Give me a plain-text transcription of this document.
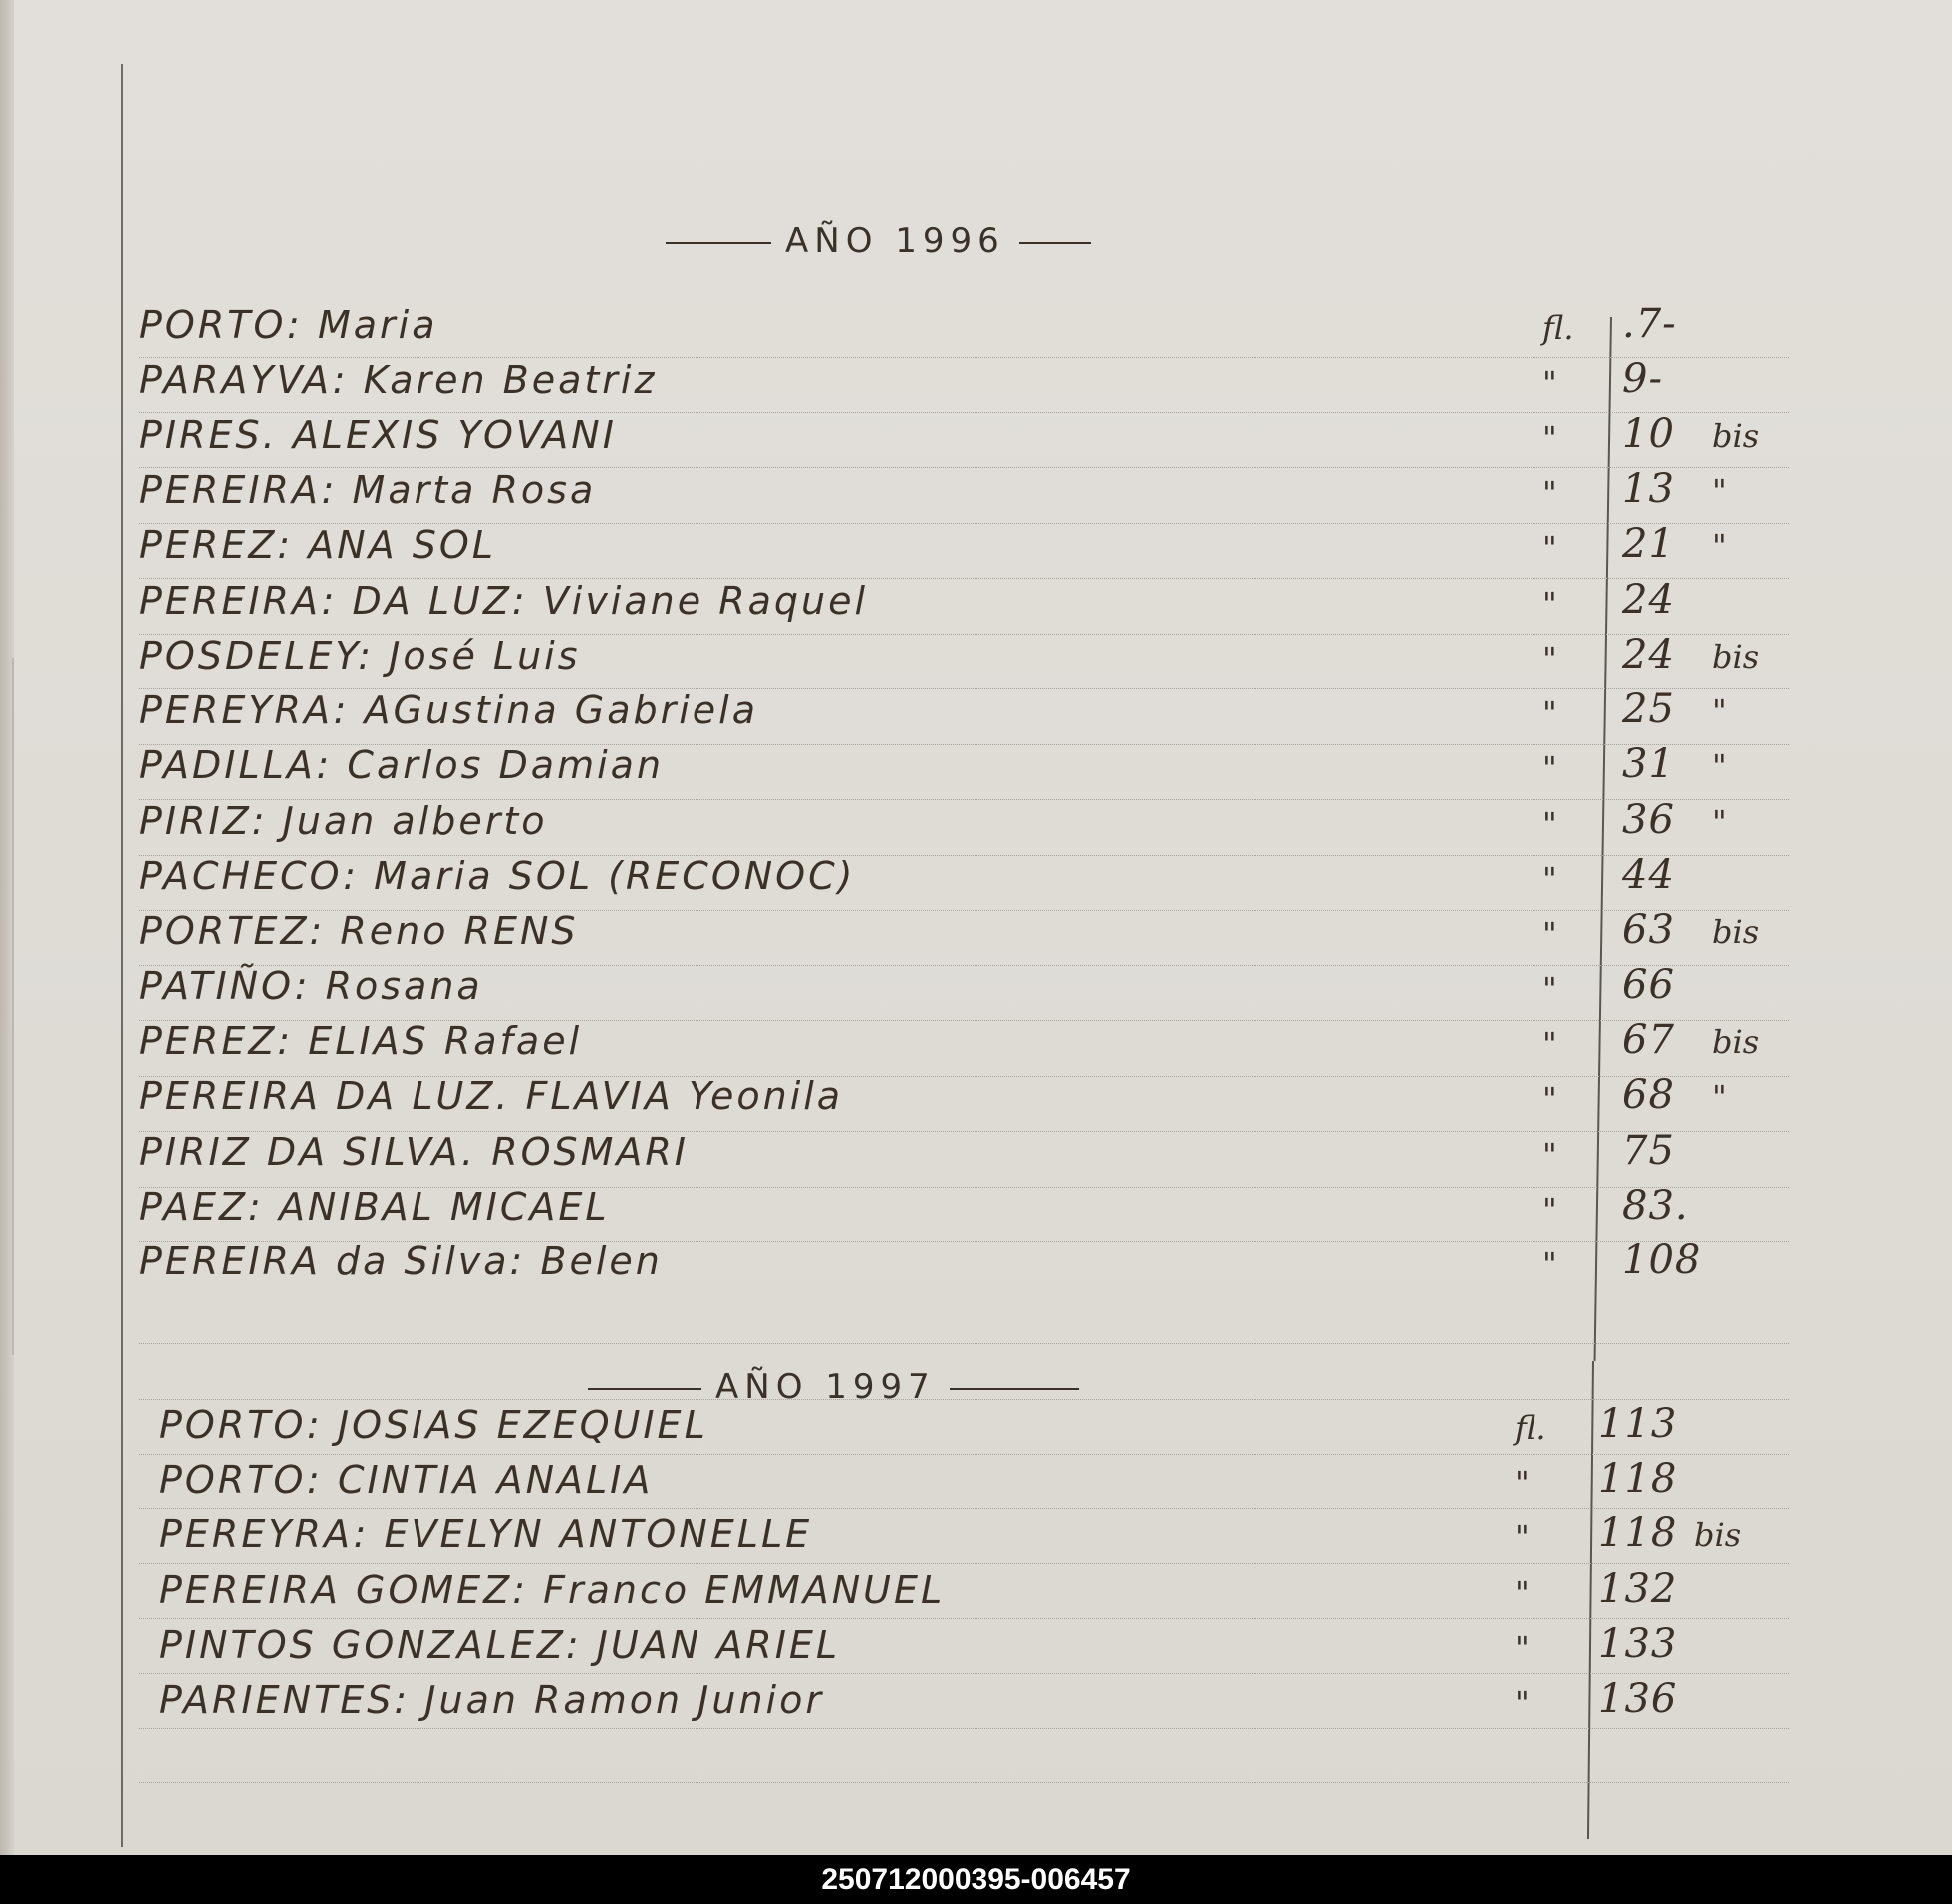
AÑO 1996
PORTO: Maria	fl. .7-
PARAYVA: Karen Beatriz	" 9-
PIRES. ALEXIS YOVANI	" 10 bis
PEREIRA: Marta Rosa	" 13 "
PEREZ: ANA SOL	" 21 "
PEREIRA: DA LUZ: Viviane Raquel	" 24
POSDELEY: José Luis	" 24 bis
PEREYRA: AGustina Gabriela	" 25 "
PADILLA: Carlos Damian	" 31 "
PIRIZ: Juan alberto	" 36 "
PACHECO: Maria SOL (RECONOC)	" 44
PORTEZ: Reno RENS	" 63 bis
PATIÑO: Rosana	" 66
PEREZ: ELIAS Rafael	" 67 bis
PEREIRA DA LUZ. FLAVIA Yeonila	" 68 "
PIRIZ DA SILVA. ROSMARI	" 75
PAEZ: ANIBAL MICAEL	" 83.
PEREIRA da Silva: Belen	" 108
AÑO 1997
PORTO: JOSIAS EZEQUIEL	fl. 113
PORTO: CINTIA ANALIA	" 118
PEREYRA: EVELYN ANTONELLE	" 118 bis
PEREIRA GOMEZ: Franco EMMANUEL	" 132
PINTOS GONZALEZ: JUAN ARIEL	" 133
PARIENTES: Juan Ramon Junior	" 136
250712000395-006457
